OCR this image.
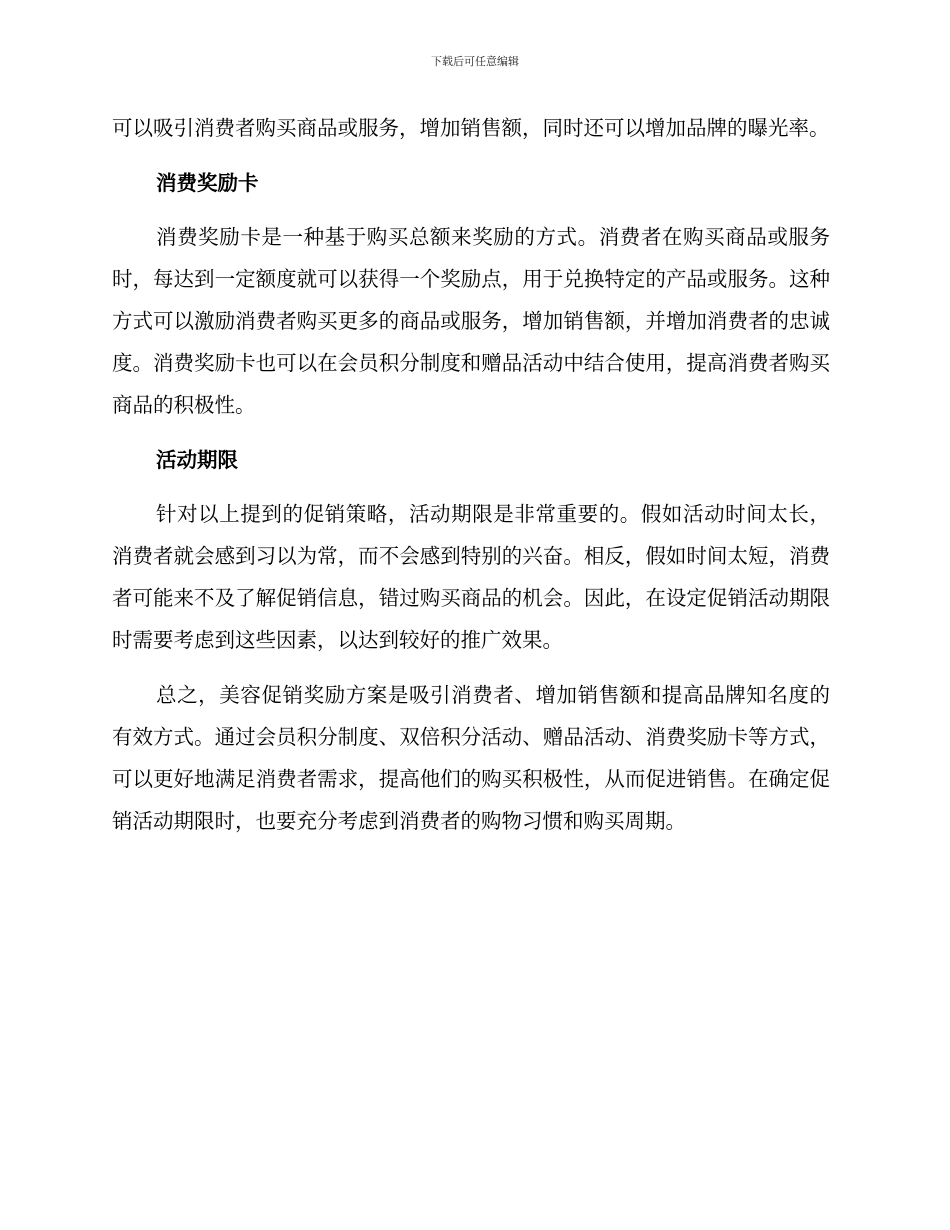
下载后可任意编辑

可以吸引消费者购买商品或服务，增加销售额，同时还可以增加品牌的曝光率。

消费奖励卡

消费奖励卡是一种基于购买总额来奖励的方式。消费者在购买商品或服务时，每达到一定额度就可以获得一个奖励点，用于兑换特定的产品或服务。这种方式可以激励消费者购买更多的商品或服务，增加销售额，并增加消费者的忠诚度。消费奖励卡也可以在会员积分制度和赠品活动中结合使用，提高消费者购买商品的积极性。

活动期限

针对以上提到的促销策略，活动期限是非常重要的。假如活动时间太长，消费者就会感到习以为常，而不会感到特别的兴奋。相反，假如时间太短，消费者可能来不及了解促销信息，错过购买商品的机会。因此，在设定促销活动期限时需要考虑到这些因素，以达到较好的推广效果。

总之，美容促销奖励方案是吸引消费者、增加销售额和提高品牌知名度的有效方式。通过会员积分制度、双倍积分活动、赠品活动、消费奖励卡等方式，可以更好地满足消费者需求，提高他们的购买积极性，从而促进销售。在确定促销活动期限时，也要充分考虑到消费者的购物习惯和购买周期。
